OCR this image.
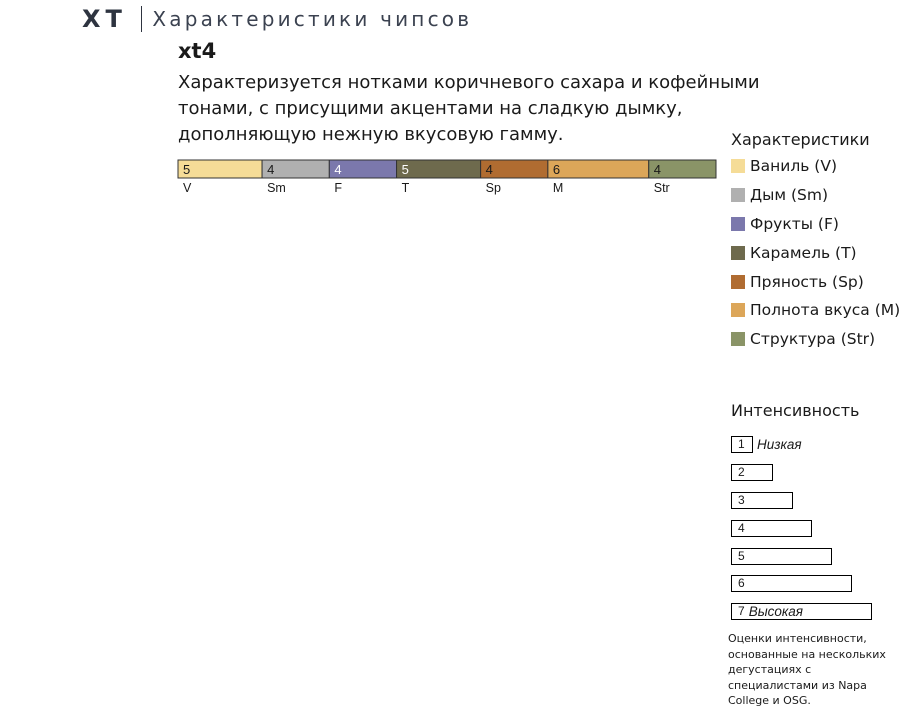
XT Характеристики чипсов
xt4

Характеризуется нотками коричневого сахара и кофейными тонами, с присущими акцентами на сладкую дымку, дополняющую нежную вкусовую гамму.

5
V
4
Sm
4
F
5
T
4
Sp
6
M
4
Str
Характеристики
Ваниль (V)
Дым (Sm)
Фрукты (F)
Карамель (T)
Пряность (Sp)
Полнота вкуса (M)
Структура (Str)
Интенсивность
1 Низкая
2
3
4
5
6
7 Высокая

Оценки интенсивности, основанные на нескольких дегустациях с специалистами из Napa College и OSG.
